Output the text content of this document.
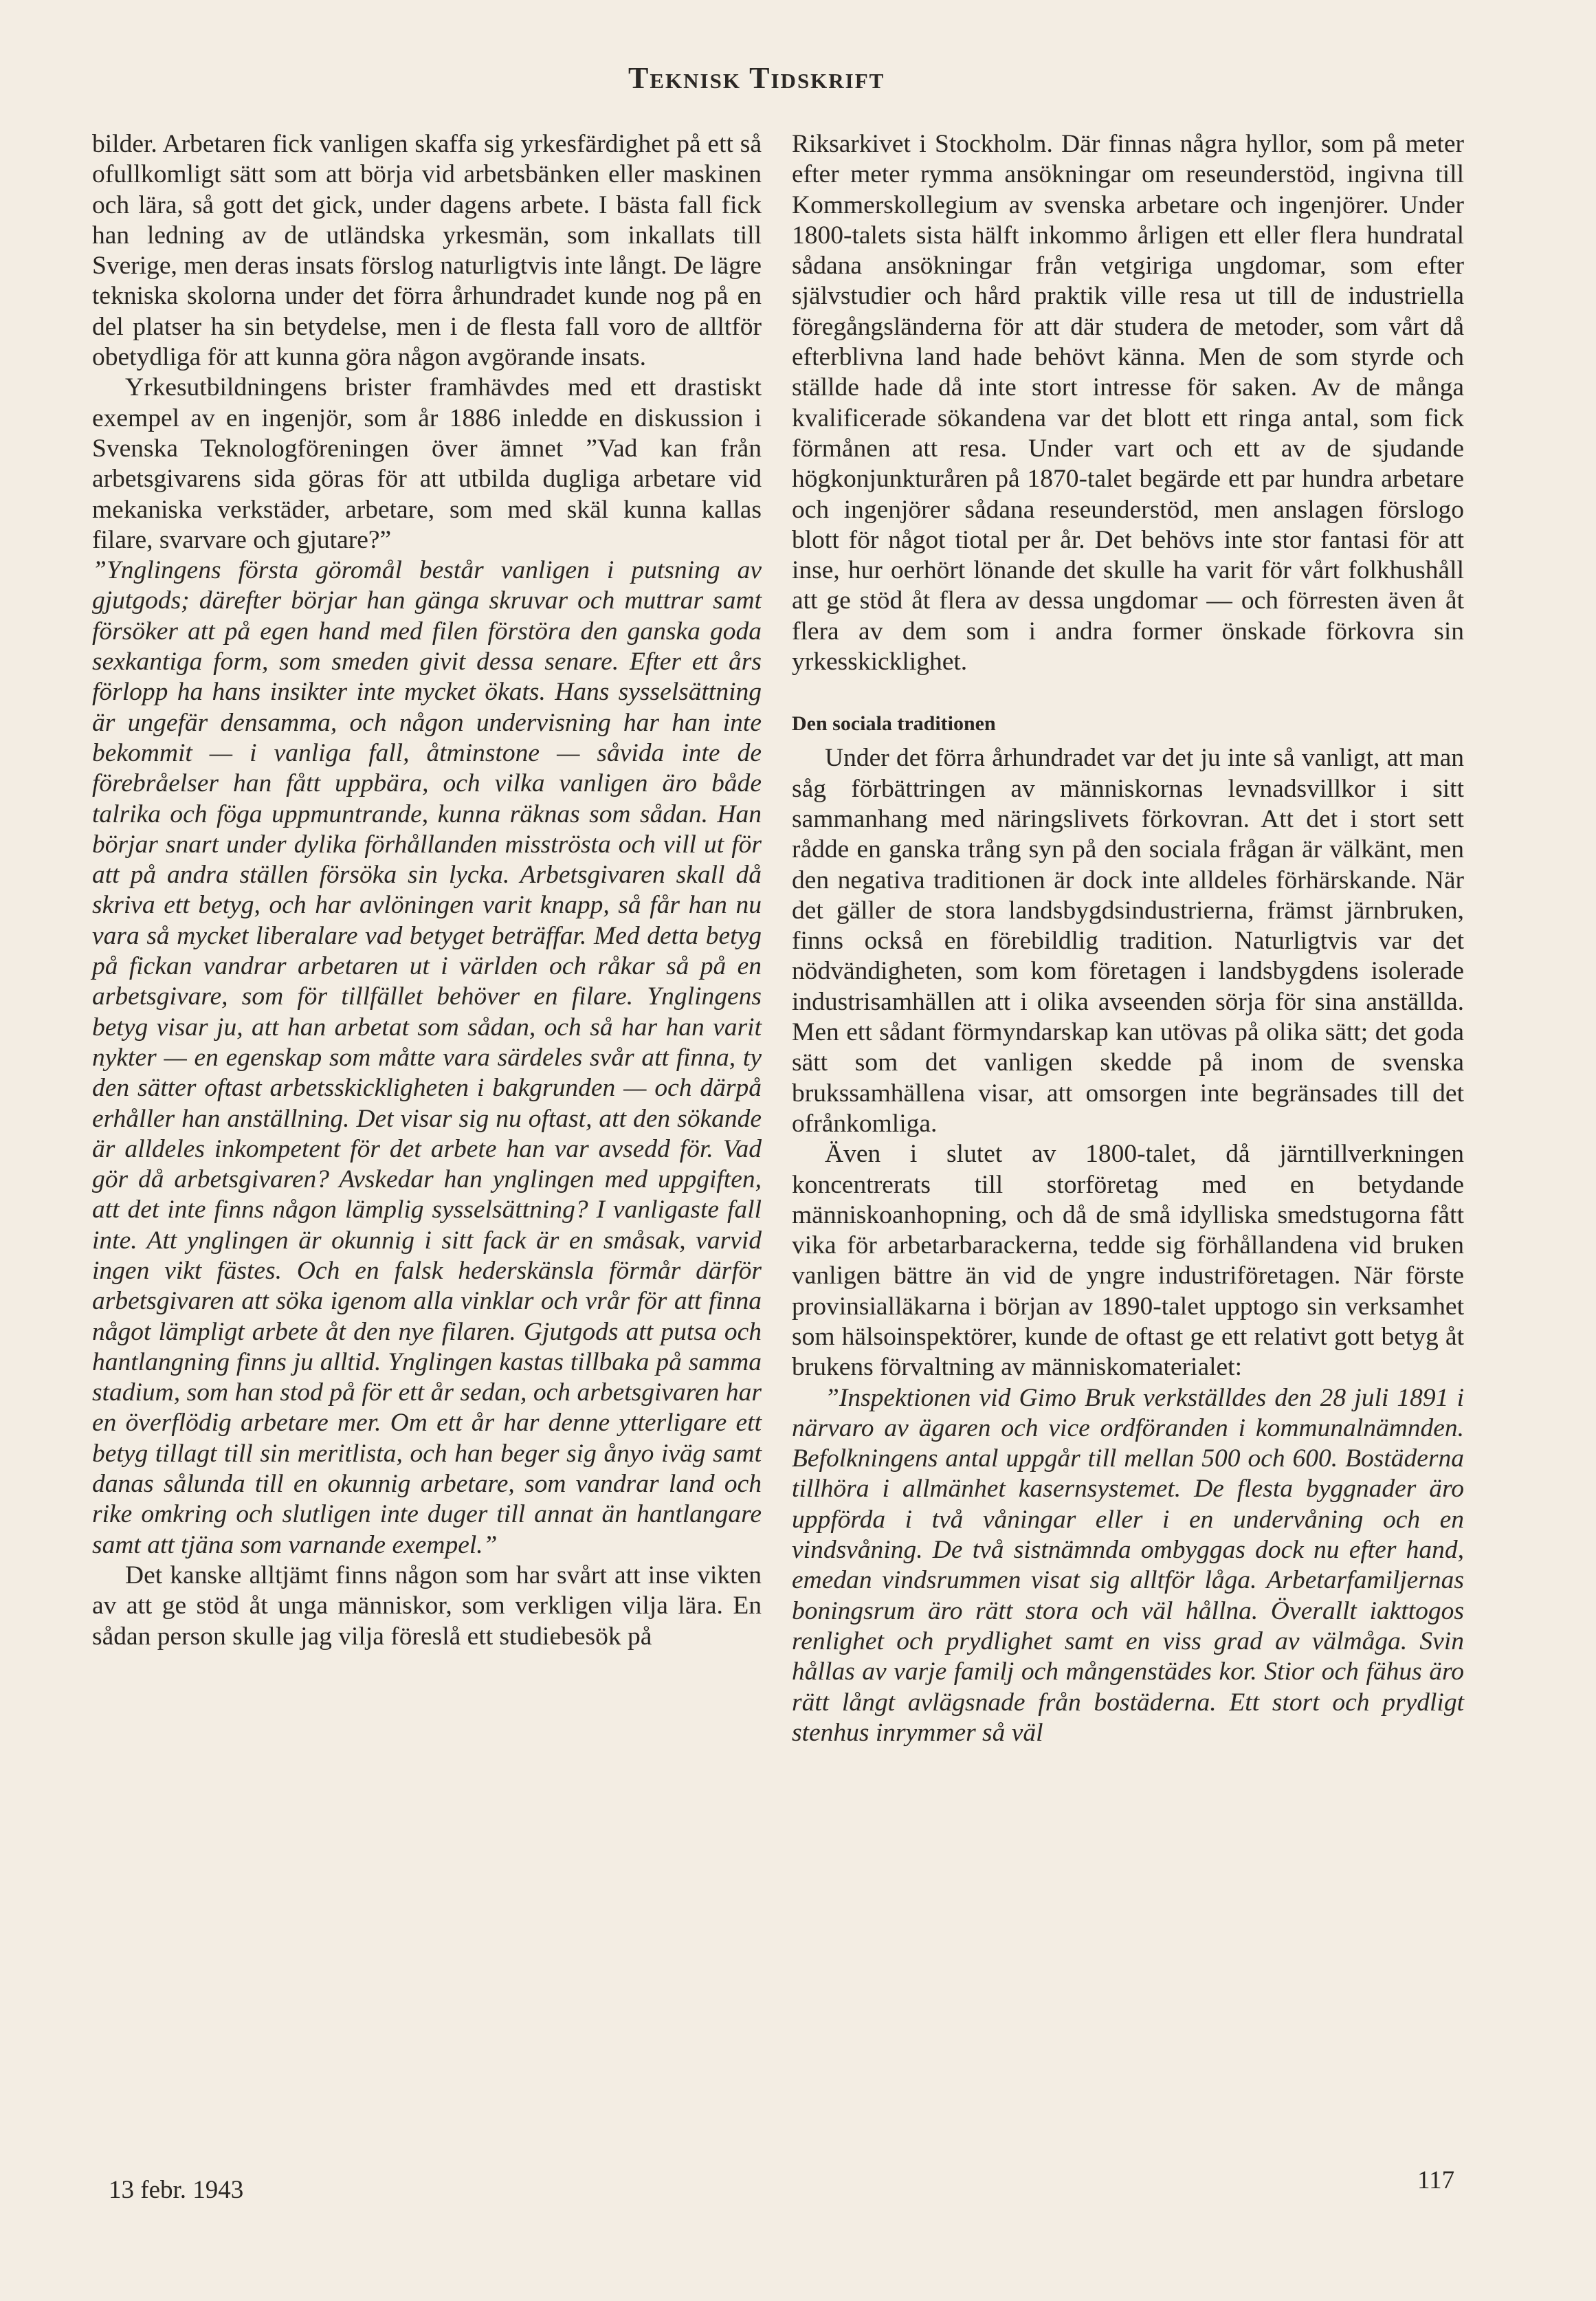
Teknisk Tidskrift

bilder. Arbetaren fick vanligen skaffa sig yrkesfärdighet på ett så ofullkomligt sätt som att börja vid arbetsbänken eller maskinen och lära, så gott det gick, under dagens arbete. I bästa fall fick han ledning av de utländska yrkesmän, som inkallats till Sverige, men deras insats förslog naturligtvis inte långt. De lägre tekniska skolorna under det förra århundradet kunde nog på en del platser ha sin betydelse, men i de flesta fall voro de alltför obetydliga för att kunna göra någon avgörande insats.

Yrkesutbildningens brister framhävdes med ett drastiskt exempel av en ingenjör, som år 1886 inledde en diskussion i Svenska Teknologföreningen över ämnet ”Vad kan från arbetsgivarens sida göras för att utbilda dugliga arbetare vid mekaniska verkstäder, arbetare, som med skäl kunna kallas filare, svarvare och gjutare?”

”Ynglingens första göromål består vanligen i putsning av gjutgods; därefter börjar han gänga skruvar och muttrar samt försöker att på egen hand med filen förstöra den ganska goda sexkantiga form, som smeden givit dessa senare. Efter ett års förlopp ha hans insikter inte mycket ökats. Hans sysselsättning är ungefär densamma, och någon undervisning har han inte bekommit — i vanliga fall, åtminstone — såvida inte de förebråelser han fått uppbära, och vilka vanligen äro både talrika och föga uppmuntrande, kunna räknas som sådan. Han börjar snart under dylika förhållanden misströsta och vill ut för att på andra ställen försöka sin lycka. Arbetsgivaren skall då skriva ett betyg, och har avlöningen varit knapp, så får han nu vara så mycket liberalare vad betyget beträffar. Med detta betyg på fickan vandrar arbetaren ut i världen och råkar så på en arbetsgivare, som för tillfället behöver en filare. Ynglingens betyg visar ju, att han arbetat som sådan, och så har han varit nykter — en egenskap som måtte vara särdeles svår att finna, ty den sätter oftast arbetsskickligheten i bakgrunden — och därpå erhåller han anställning. Det visar sig nu oftast, att den sökande är alldeles inkompetent för det arbete han var avsedd för. Vad gör då arbetsgivaren? Avskedar han ynglingen med uppgiften, att det inte finns någon lämplig sysselsättning? I vanligaste fall inte. Att ynglingen är okunnig i sitt fack är en småsak, varvid ingen vikt fästes. Och en falsk hederskänsla förmår därför arbetsgivaren att söka igenom alla vinklar och vrår för att finna något lämpligt arbete åt den nye filaren. Gjutgods att putsa och hantlangning finns ju alltid. Ynglingen kastas tillbaka på samma stadium, som han stod på för ett år sedan, och arbetsgivaren har en överflödig arbetare mer. Om ett år har denne ytterligare ett betyg tillagt till sin meritlista, och han beger sig ånyo iväg samt danas sålunda till en okunnig arbetare, som vandrar land och rike omkring och slutligen inte duger till annat än hantlangare samt att tjäna som varnande exempel.”

Det kanske alltjämt finns någon som har svårt att inse vikten av att ge stöd åt unga människor, som verkligen vilja lära. En sådan person skulle jag vilja föreslå ett studiebesök på

Riksarkivet i Stockholm. Där finnas några hyllor, som på meter efter meter rymma ansökningar om reseunderstöd, ingivna till Kommerskollegium av svenska arbetare och ingenjörer. Under 1800-talets sista hälft inkommo årligen ett eller flera hundratal sådana ansökningar från vetgiriga ungdomar, som efter självstudier och hård praktik ville resa ut till de industriella föregångsländerna för att där studera de metoder, som vårt då efterblivna land hade behövt känna. Men de som styrde och ställde hade då inte stort intresse för saken. Av de många kvalificerade sökandena var det blott ett ringa antal, som fick förmånen att resa. Under vart och ett av de sjudande högkonjunkturåren på 1870-talet begärde ett par hundra arbetare och ingenjörer sådana reseunderstöd, men anslagen förslogo blott för något tiotal per år. Det behövs inte stor fantasi för att inse, hur oerhört lönande det skulle ha varit för vårt folkhushåll att ge stöd åt flera av dessa ungdomar — och förresten även åt flera av dem som i andra former önskade förkovra sin yrkesskicklighet.

Den sociala traditionen

Under det förra århundradet var det ju inte så vanligt, att man såg förbättringen av människornas levnadsvillkor i sitt sammanhang med näringslivets förkovran. Att det i stort sett rådde en ganska trång syn på den sociala frågan är välkänt, men den negativa traditionen är dock inte alldeles förhärskande. När det gäller de stora landsbygdsindustrierna, främst järnbruken, finns också en förebildlig tradition. Naturligtvis var det nödvändigheten, som kom företagen i landsbygdens isolerade industrisamhällen att i olika avseenden sörja för sina anställda. Men ett sådant förmyndarskap kan utövas på olika sätt; det goda sätt som det vanligen skedde på inom de svenska brukssamhällena visar, att omsorgen inte begränsades till det ofrånkomliga.

Även i slutet av 1800-talet, då järntillverkningen koncentrerats till storföretag med en betydande människoanhopning, och då de små idylliska smedstugorna fått vika för arbetarbarackerna, tedde sig förhållandena vid bruken vanligen bättre än vid de yngre industriföretagen. När förste provinsialläkarna i början av 1890-talet upptogo sin verksamhet som hälsoinspektörer, kunde de oftast ge ett relativt gott betyg åt brukens förvaltning av människomaterialet:

”Inspektionen vid Gimo Bruk verkställdes den 28 juli 1891 i närvaro av ägaren och vice ordföranden i kommunalnämnden. Befolkningens antal uppgår till mellan 500 och 600. Bostäderna tillhöra i allmänhet kasernsystemet. De flesta byggnader äro uppförda i två våningar eller i en undervåning och en vindsvåning. De två sistnämnda ombyggas dock nu efter hand, emedan vindsrummen visat sig alltför låga. Arbetarfamiljernas boningsrum äro rätt stora och väl hållna. Överallt iakttogos renlighet och prydlighet samt en viss grad av välmåga. Svin hållas av varje familj och mångenstädes kor. Stior och fähus äro rätt långt avlägsnade från bostäderna. Ett stort och prydligt stenhus inrymmer så väl

13 febr. 1943	117
